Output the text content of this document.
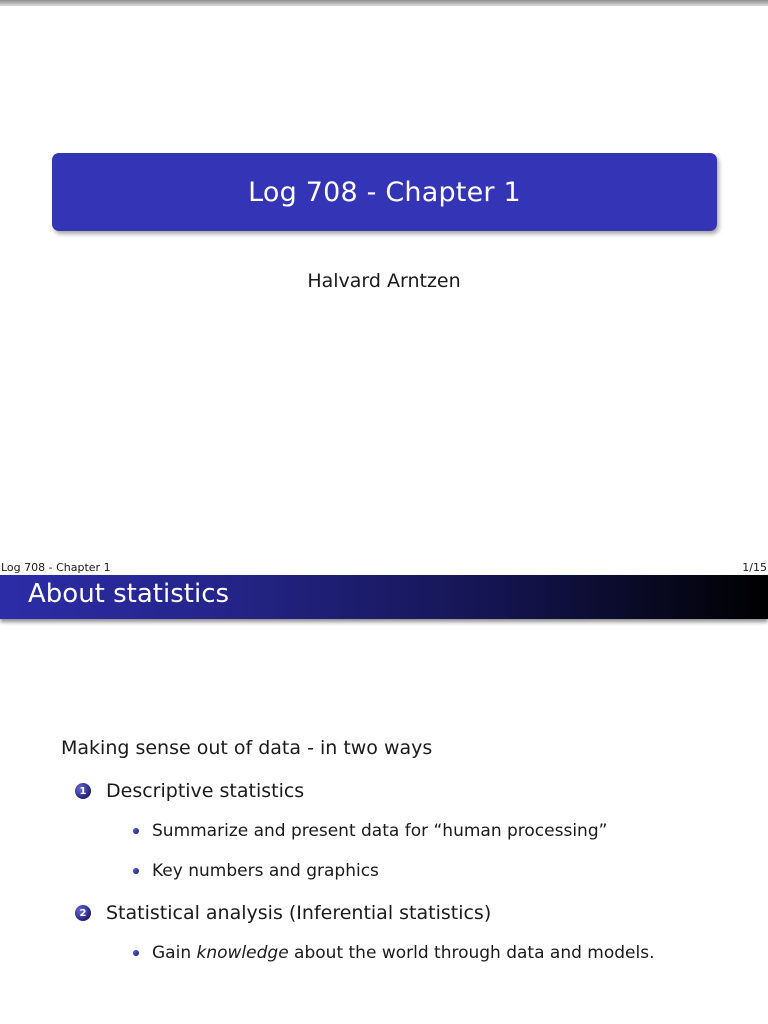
Log 708 - Chapter 1
Halvard Arntzen
Log 708 - Chapter 1	1/15
About statistics
Making sense out of data - in two ways
1 Descriptive statistics
Summarize and present data for “human processing”
Key numbers and graphics
2 Statistical analysis (Inferential statistics)
Gain knowledge about the world through data and models.
